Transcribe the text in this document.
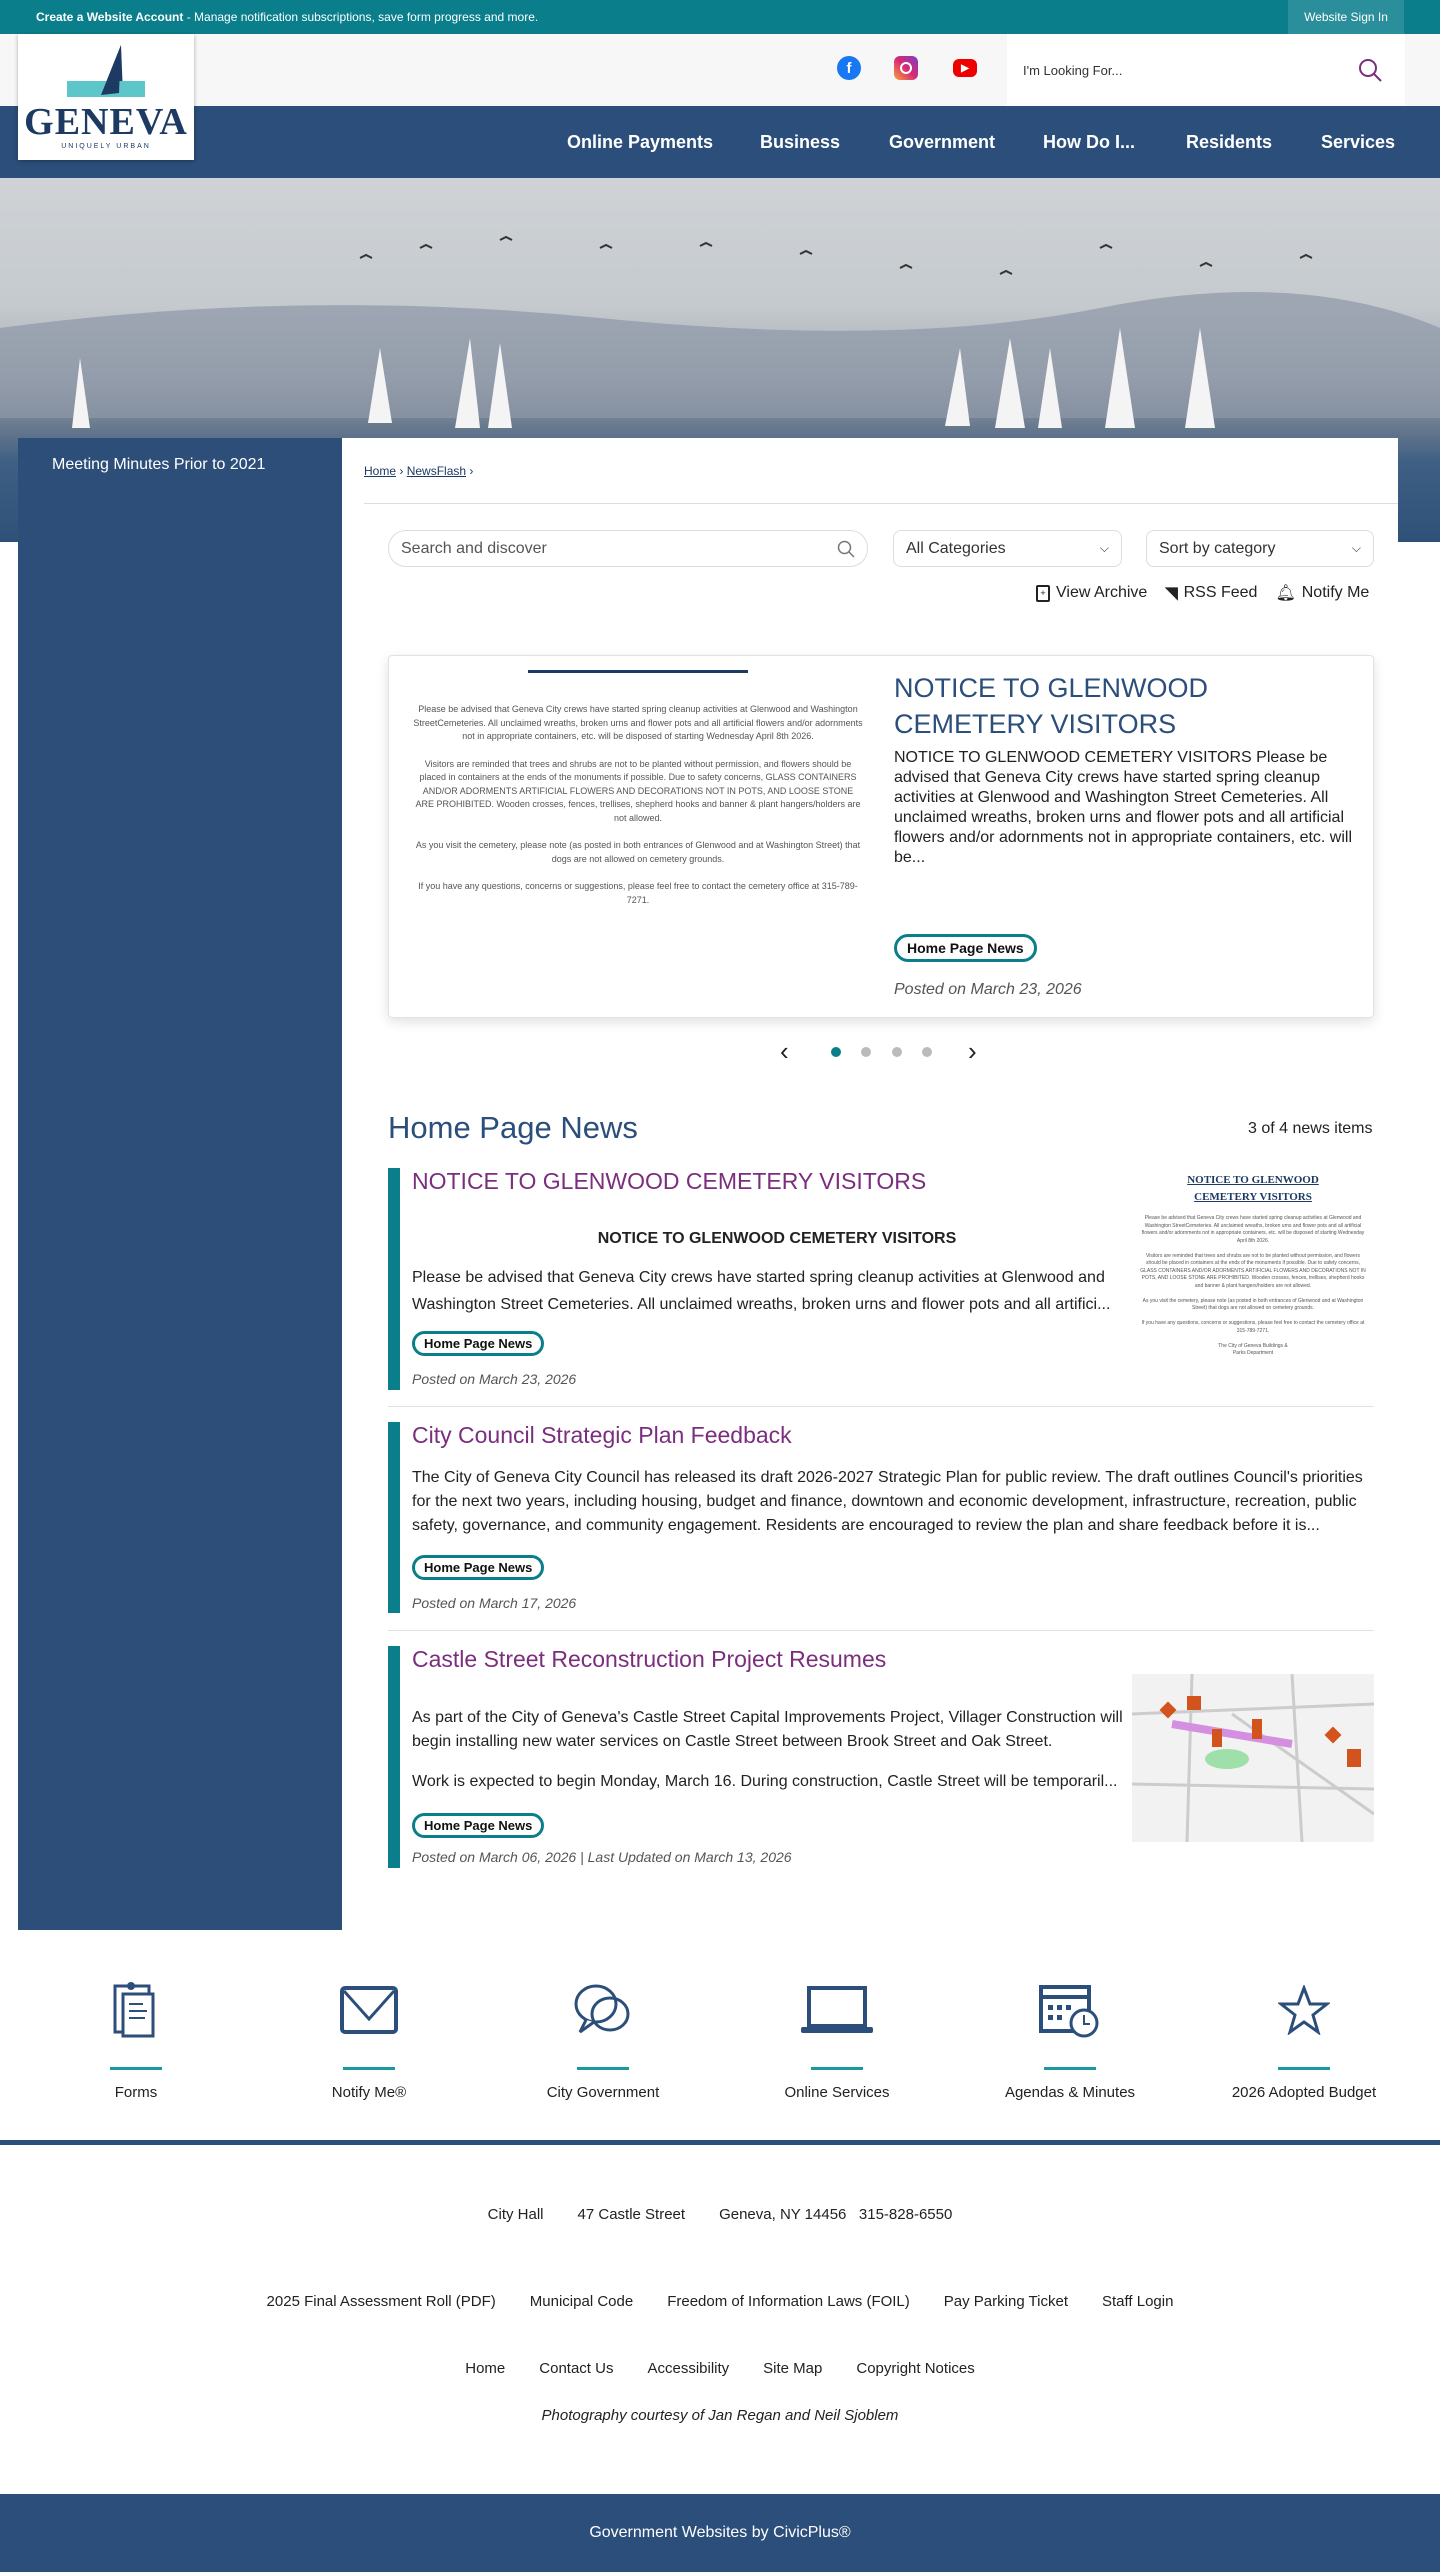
Create a Website Account - Manage notification subscriptions, save form progress and more.	Website Sign In
f	▶	I'm Looking For...
Online Payments	Business	Government	How Do I...	Residents	Services
GENEVA
UNIQUELY URBAN
Meeting Minutes Prior to 2021	Home › NewsFlash ›
Search and discover	All Categories	⌵	Sort by category	⌵
+ View Archive ◥ RSS Feed 🔔︎ Notify Me

Please be advised that Geneva City crews have started spring cleanup activities at Glenwood and Washington StreetCemeteries. All unclaimed wreaths, broken urns and flower pots and all artificial flowers and/or adornments not in appropriate containers, etc. will be disposed of starting Wednesday April 8th 2026.

Visitors are reminded that trees and shrubs are not to be planted without permission, and flowers should be placed in containers at the ends of the monuments if possible. Due to safety concerns, GLASS CONTAINERS AND/OR ADORMENTS ARTIFICIAL FLOWERS AND DECORATIONS NOT IN POTS, AND LOOSE STONE ARE PROHIBITED. Wooden crosses, fences, trellises, shepherd hooks and banner & plant hangers/holders are not allowed.

As you visit the cemetery, please note (as posted in both entrances of Glenwood and at Washington Street) that dogs are not allowed on cemetery grounds.

If you have any questions, concerns or suggestions, please feel free to contact the cemetery office at 315-789-7271.

NOTICE TO GLENWOOD CEMETERY VISITORS
NOTICE TO GLENWOOD CEMETERY VISITORS Please be advised that Geneva City crews have started spring cleanup activities at Glenwood and Washington Street Cemeteries. All unclaimed wreaths, broken urns and flower pots and all artificial flowers and/or adornments not in appropriate containers, etc. will be...
Home Page News
Posted on March 23, 2026
‹	›
Home Page News	3 of 4 news items
NOTICE TO GLENWOOD CEMETERY VISITORS
NOTICE TO GLENWOOD CEMETERY VISITORS
Please be advised that Geneva City crews have started spring cleanup activities at Glenwood and Washington Street Cemeteries. All unclaimed wreaths, broken urns and flower pots and all artifici...
Home Page News
Posted on March 23, 2026
NOTICE TO GLENWOOD CEMETERY VISITORS

Please be advised that Geneva City crews have started spring cleanup activities at Glenwood and Washington StreetCemeteries. All unclaimed wreaths, broken urns and flower pots and all artificial flowers and/or adornments not in appropriate containers, etc. will be disposed of starting Wednesday April 8th 2026.

Visitors are reminded that trees and shrubs are not to be planted without permission, and flowers should be placed in containers at the ends of the monuments if possible. Due to safety concerns, GLASS CONTAINERS AND/OR ADORMENTS ARTIFICIAL FLOWERS AND DECORATIONS NOT IN POTS, AND LOOSE STONE ARE PROHIBITED. Wooden crosses, fences, trellises, shepherd hooks and banner & plant hangers/holders are not allowed.

As you visit the cemetery, please note (as posted in both entrances of Glenwood and at Washington Street) that dogs are not allowed on cemetery grounds.

If you have any questions, concerns or suggestions, please feel free to contact the cemetery office at 315-789-7271.

The City of Geneva Buildings & Parks Department

City Council Strategic Plan Feedback
The City of Geneva City Council has released its draft 2026-2027 Strategic Plan for public review. The draft outlines Council's priorities for the next two years, including housing, budget and finance, downtown and economic development, infrastructure, recreation, public safety, governance, and community engagement. Residents are encouraged to review the plan and share feedback before it is...
Home Page News
Posted on March 17, 2026
Castle Street Reconstruction Project Resumes
As part of the City of Geneva's Castle Street Capital Improvements Project, Villager Construction will begin installing new water services on Castle Street between Brook Street and Oak Street.
Work is expected to begin Monday, March 16. During construction, Castle Street will be temporaril...
Home Page News
Posted on March 06, 2026 | Last Updated on March 13, 2026
Forms	Notify Me®	City Government	Online Services	Agendas & Minutes	2026 Adopted Budget
City Hall 47 Castle Street Geneva, NY 14456   315-828-6550
2025 Final Assessment Roll (PDF) Municipal Code Freedom of Information Laws (FOIL) Pay Parking Ticket Staff Login
Home Contact Us Accessibility Site Map Copyright Notices
Photography courtesy of Jan Regan and Neil Sjoblem
Government Websites by CivicPlus®
